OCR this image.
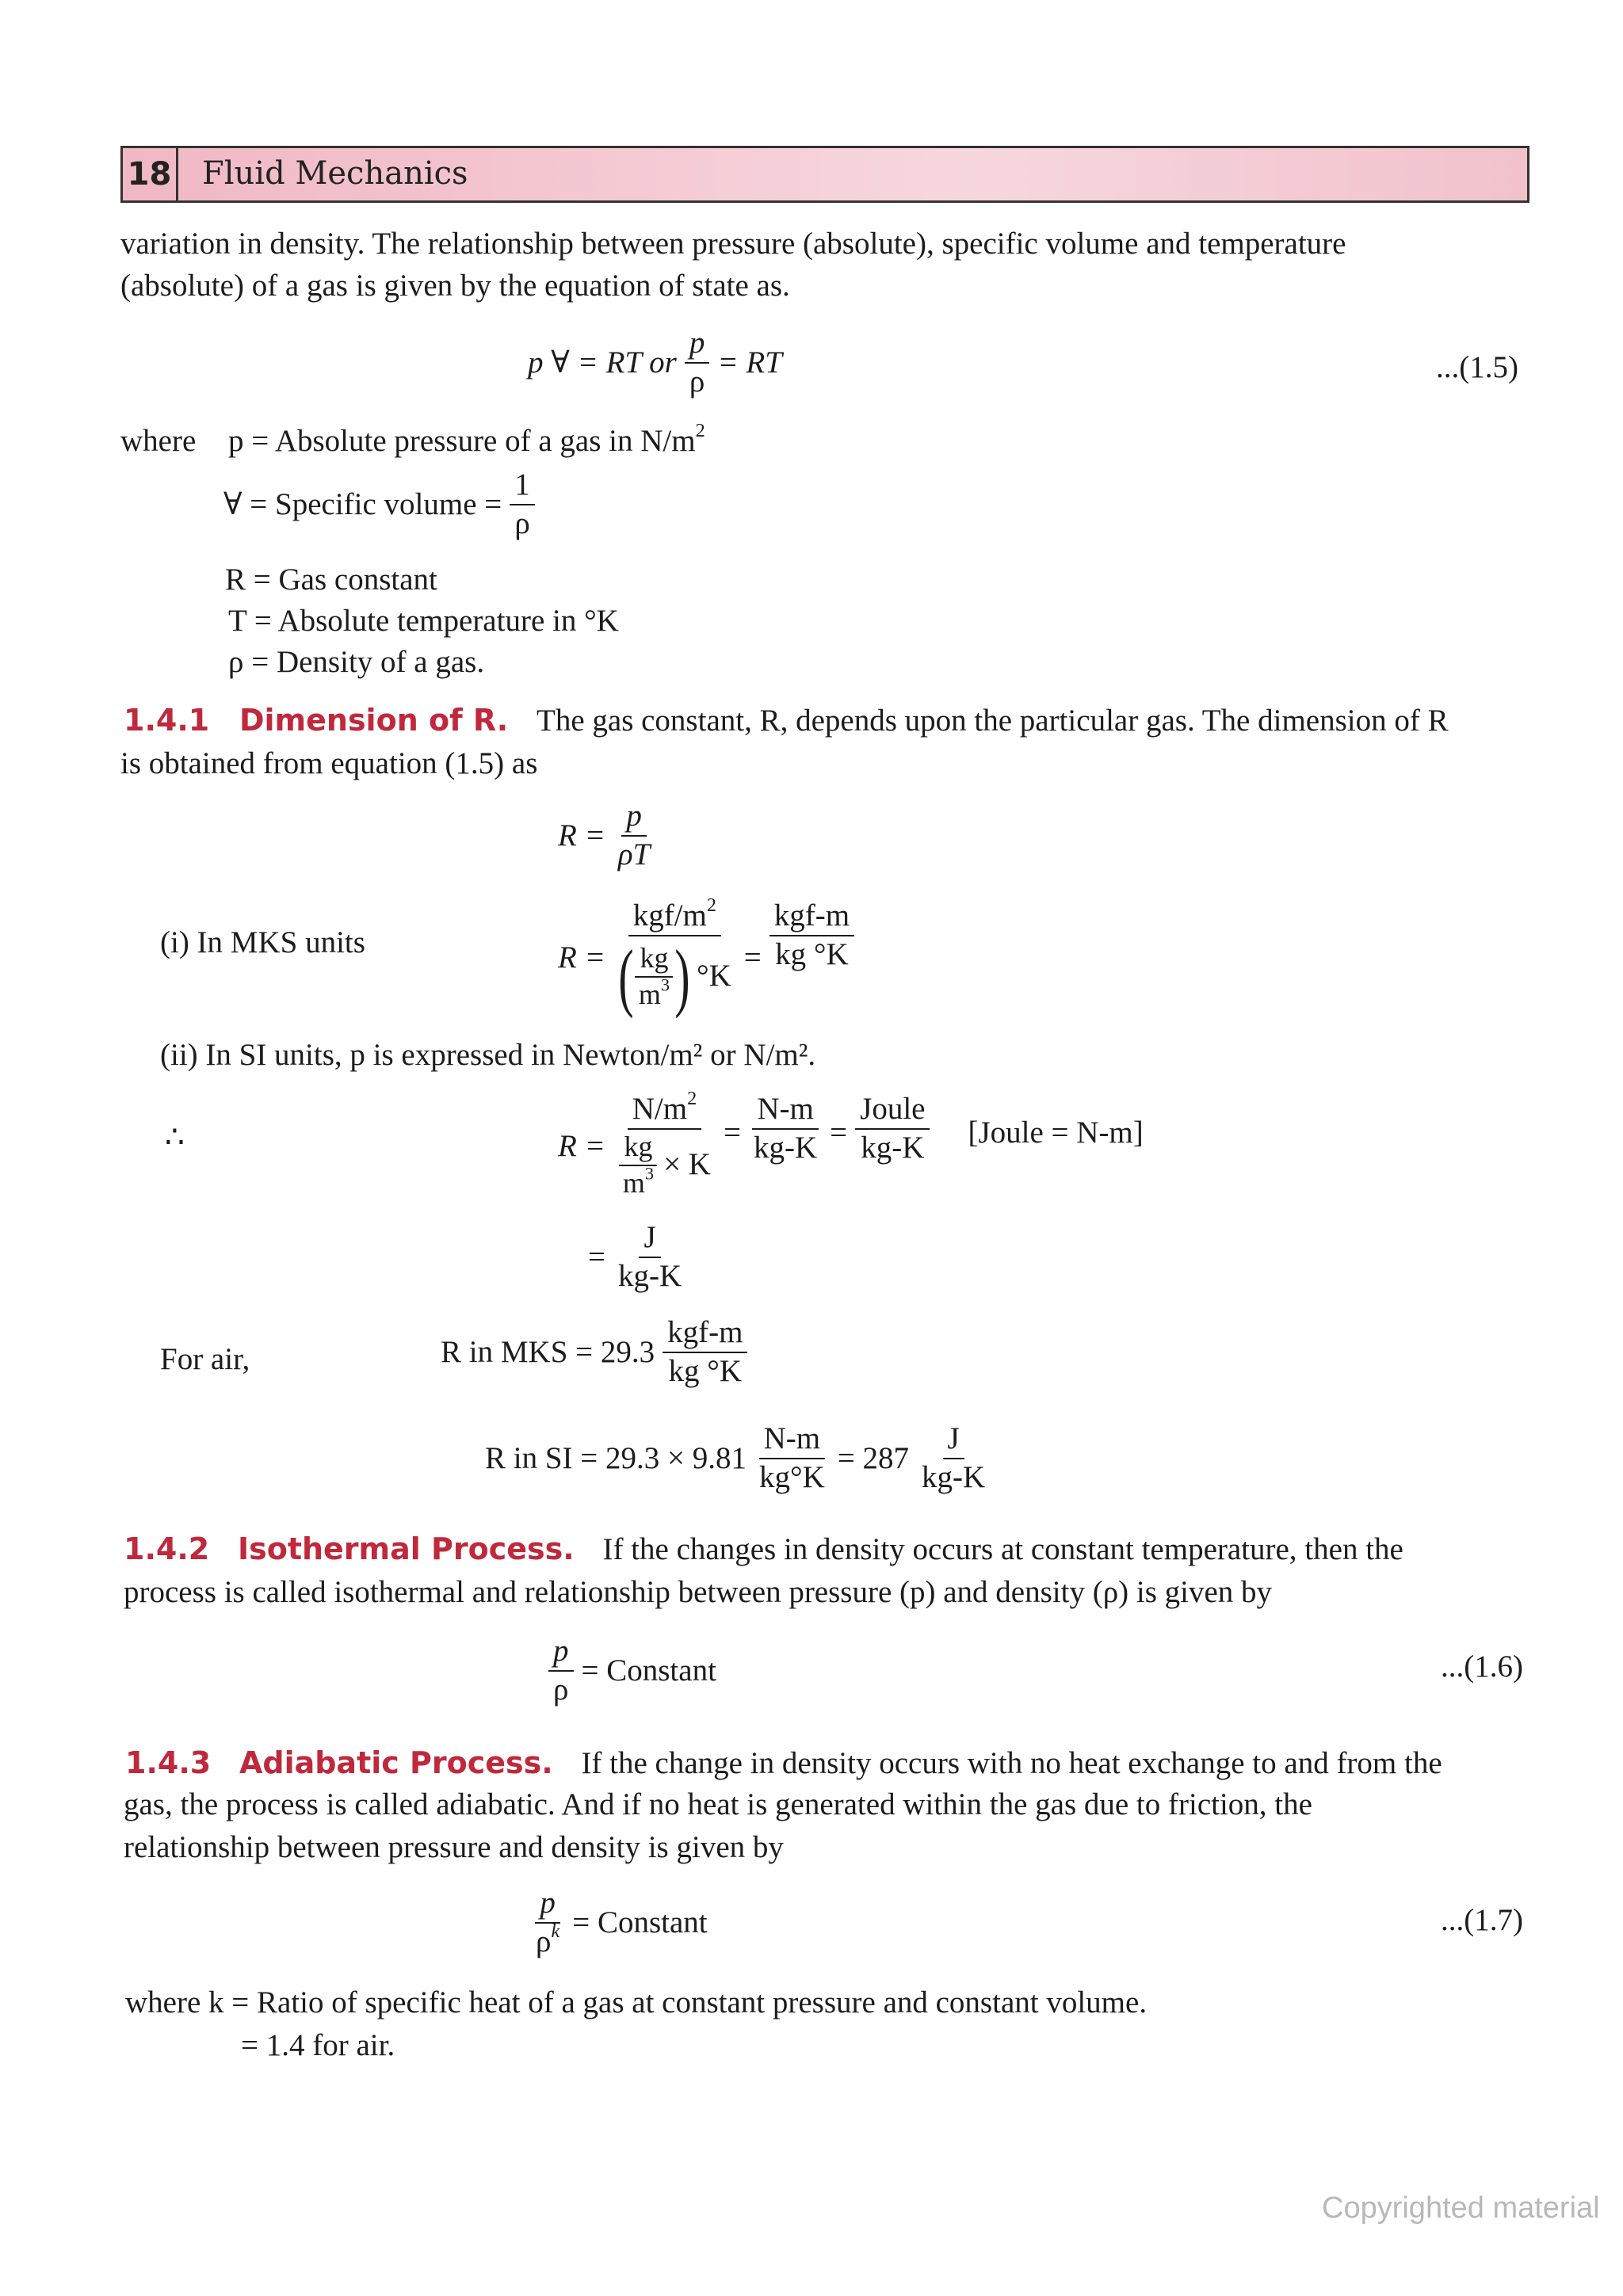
18 Fluid Mechanics
variation in density. The relationship between pressure (absolute), specific volume and temperature
(absolute) of a gas is given by the equation of state as.
p ∀ = RT or $\frac{p}{\rho}$ = RT	...(1.5)
where p = Absolute pressure of a gas in $N/m^2$
∀ = Specific volume = $\frac{1}{\rho}$
R = Gas constant
T = Absolute temperature in °K
ρ = Density of a gas.
1.4.1 Dimension of R. The gas constant, R, depends upon the particular gas. The dimension of R
is obtained from equation (1.5) as
$R = \frac{p}{\rho T}$
(i) In MKS units	$R = \frac{kgf/m^2}{( \frac{kg}{m^3} ) ^\circ K} = \frac{\text{kgf-m}}{kg ^\circ K}$
(ii) In SI units, p is expressed in Newton/m² or N/m².
∴	$R = \frac{N/m^2}{\frac{kg}{m^3} \times K} = \frac{N-m}{kg-K} = \frac{\text{Joule}}{kg-K}$ [Joule = N-m]
= $\frac{J}{kg-K}$
For air,	R in MKS = $29.3 \frac{\text{kgf-m}}{kg ^\circ K}$
R in SI = $29.3 \times 9.81 \frac{N-m}{kg^\circ K} = 287 \frac{J}{kg-K}$
1.4.2 Isothermal Process. If the changes in density occurs at constant temperature, then the
process is called isothermal and relationship between pressure (p) and density (ρ) is given by
$\frac{p}{\rho}$ = Constant	...(1.6)
1.4.3 Adiabatic Process. If the change in density occurs with no heat exchange to and from the
gas, the process is called adiabatic. And if no heat is generated within the gas due to friction, the
relationship between pressure and density is given by
$\frac{p}{\rho^k}$ = Constant	...(1.7)
where k = Ratio of specific heat of a gas at constant pressure and constant volume.
= 1.4 for air.
Copyrighted material
